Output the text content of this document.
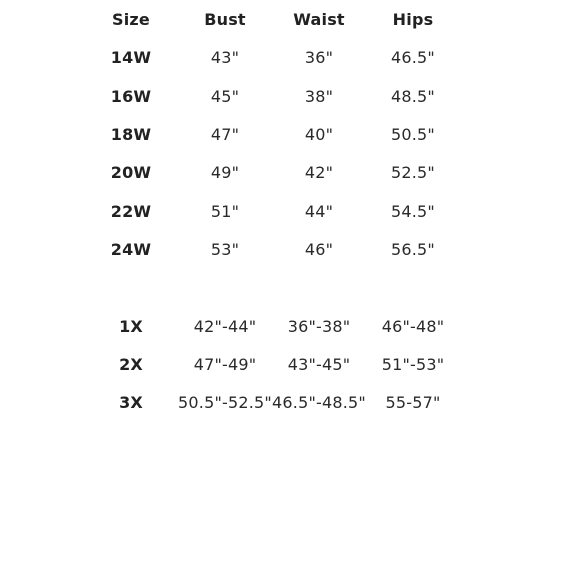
Size	Bust	Waist	Hips
14W	43"	36"	46.5"
16W	45"	38"	48.5"
18W	47"	40"	50.5"
20W	49"	42"	52.5"
22W	51"	44"	54.5"
24W	53"	46"	56.5"
1X	42"-44" 36"-38" 46"-48"
2X	47"-49" 43"-45" 51"-53"
3X 50.5"-52.5" 46.5"-48.5" 55-57"
